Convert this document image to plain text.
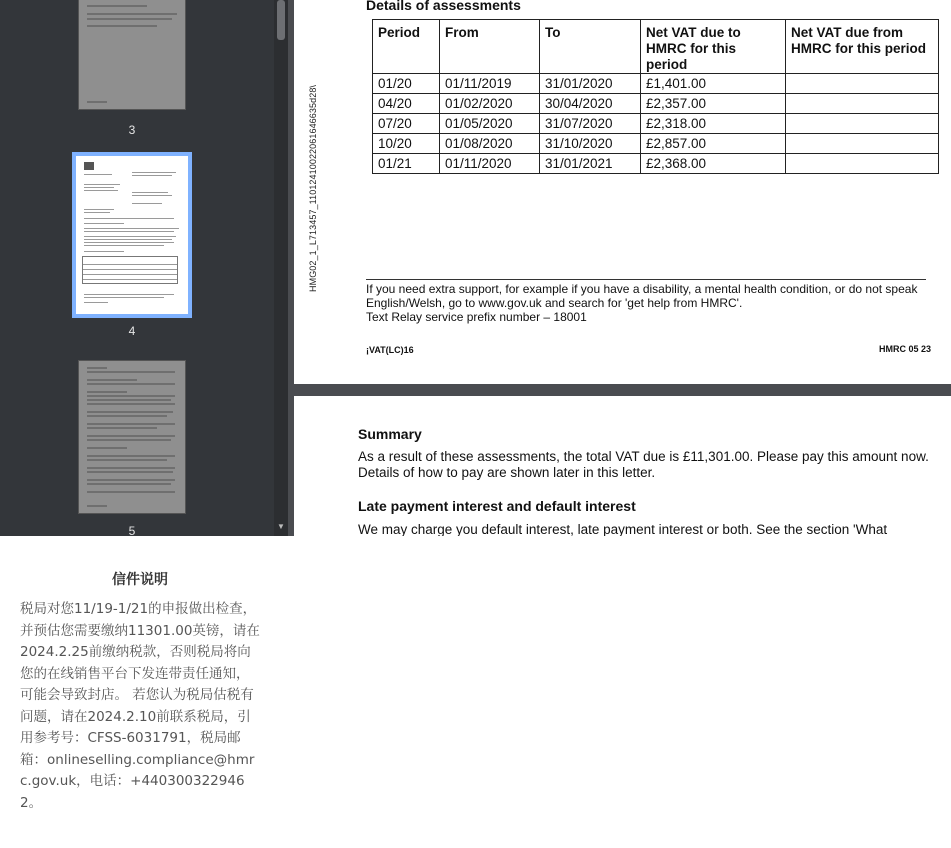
3
4
5	▼
HMG02_1_L713457_11012410022061646635d28\
Details of assessments
Period	From	To	Net VAT due to HMRC for this period	Net VAT due from HMRC for this period
01/20	01/11/2019	31/01/2020	£1,401.00	
04/20	01/02/2020	30/04/2020	£2,357.00	
07/20	01/05/2020	31/07/2020	£2,318.00	
10/20	01/08/2020	31/10/2020	£2,857.00	
01/21	01/11/2020	31/01/2021	£2,368.00	
If you need extra support, for example if you have a disability, a mental health condition, or do not speak English/Welsh, go to www.gov.uk and search for 'get help from HMRC'.
Text Relay service prefix number – 18001
¡VAT(LC)16	HMRC 05 23
Summary
As a result of these assessments, the total VAT due is £11,301.00. Please pay this amount now. Details of how to pay are shown later in this letter.
Late payment interest and default interest
We may charge you default interest, late payment interest or both. See the section 'What
信件说明
税局对您11/19-1/21的申报做出检查，并预估您需要缴纳11301.00英镑，请在2024.2.25前缴纳税款，否则税局将向您的在线销售平台下发连带责任通知，可能会导致封店。 若您认为税局估税有问题，请在2024.2.10前联系税局，引用参考号：CFSS-6031791，税局邮箱：onlineselling.compliance@hmrc.gov.uk，电话：+4403003229462。
